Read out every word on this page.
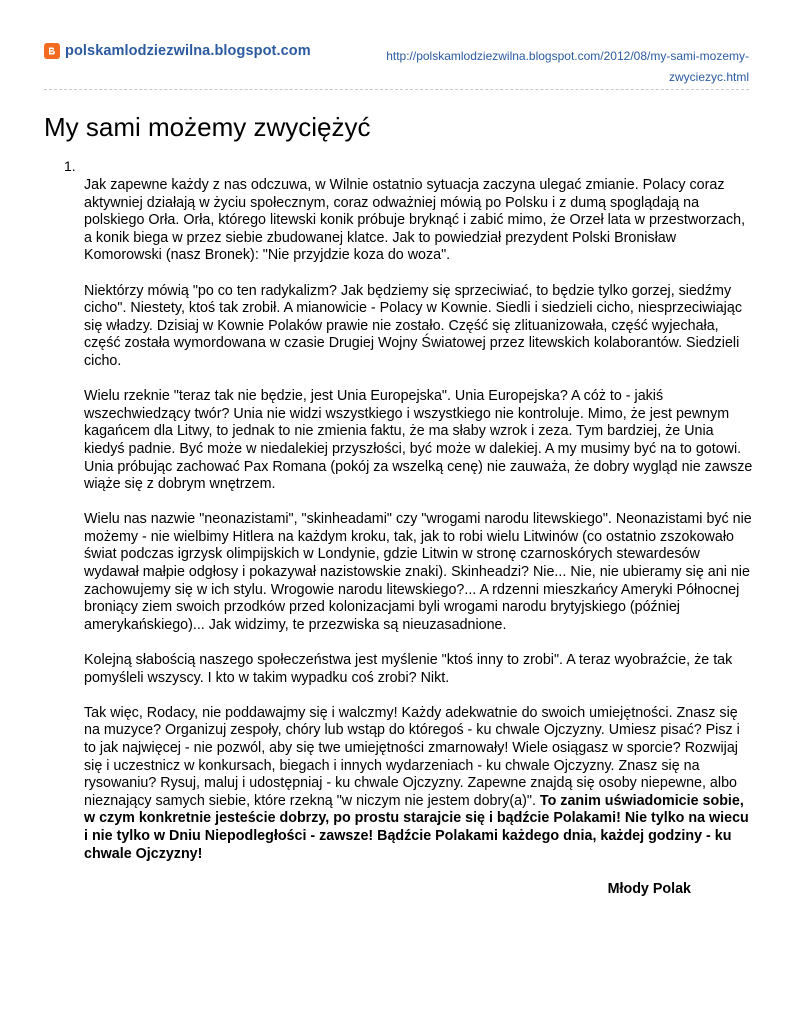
polskamlodziezwilna.blogspot.com	http://polskamlodziezwilna.blogspot.com/2012/08/my-sami-mozemy-zwyciezyc.html
My sami możemy zwyciężyć
1.

Jak zapewne każdy z nas odczuwa, w Wilnie ostatnio sytuacja zaczyna ulegać zmianie. Polacy coraz aktywniej działają w życiu społecznym, coraz odważniej mówią po Polsku i z dumą spoglądają na polskiego Orła. Orła, którego litewski konik próbuje bryknąć i zabić mimo, że Orzeł lata w przestworzach, a konik biega w przez siebie zbudowanej klatce. Jak to powiedział prezydent Polski Bronisław Komorowski (nasz Bronek): "Nie przyjdzie koza do woza".

Niektórzy mówią "po co ten radykalizm? Jak będziemy się sprzeciwiać, to będzie tylko gorzej, siedźmy cicho". Niestety, ktoś tak zrobił. A mianowicie - Polacy w Kownie. Siedli i siedzieli cicho, niesprzeciwiając się władzy. Dzisiaj w Kownie Polaków prawie nie zostało. Część się zlituanizowała, część wyjechała, część została wymordowana w czasie Drugiej Wojny Światowej przez litewskich kolaborantów. Siedzieli cicho.

Wielu rzeknie "teraz tak nie będzie, jest Unia Europejska". Unia Europejska? A cóż to - jakiś wszechwiedzący twór? Unia nie widzi wszystkiego i wszystkiego nie kontroluje. Mimo, że jest pewnym kagańcem dla Litwy, to jednak to nie zmienia faktu, że ma słaby wzrok i zeza. Tym bardziej, że Unia kiedyś padnie. Być może w niedalekiej przyszłości, być może w dalekiej. A my musimy być na to gotowi. Unia próbując zachować Pax Romana (pokój za wszelką cenę) nie zauważa, że dobry wygląd nie zawsze wiąże się z dobrym wnętrzem.

Wielu nas nazwie "neonazistami", "skinheadami" czy "wrogami narodu litewskiego". Neonazistami być nie możemy - nie wielbimy Hitlera na każdym kroku, tak, jak to robi wielu Litwinów (co ostatnio zszokowało świat podczas igrzysk olimpijskich w Londynie, gdzie Litwin w stronę czarnoskórych stewardesów wydawał małpie odgłosy i pokazywał nazistowskie znaki). Skinheadzi? Nie... Nie, nie ubieramy się ani nie zachowujemy się w ich stylu. Wrogowie narodu litewskiego?... A rdzenni mieszkańcy Ameryki Północnej broniący ziem swoich przodków przed kolonizacjami byli wrogami narodu brytyjskiego (później amerykańskiego)... Jak widzimy, te przezwiska są nieuzasadnione.

Kolejną słabością naszego społeczeństwa jest myślenie "ktoś inny to zrobi". A teraz wyobraźcie, że tak pomyśleli wszyscy. I kto w takim wypadku coś zrobi? Nikt.

Tak więc, Rodacy, nie poddawajmy się i walczmy! Każdy adekwatnie do swoich umiejętności. Znasz się na muzyce? Organizuj zespoły, chóry lub wstąp do któregoś - ku chwale Ojczyzny. Umiesz pisać? Pisz i to jak najwięcej - nie pozwól, aby się twe umiejętności zmarnowały! Wiele osiągasz w sporcie? Rozwijaj się i uczestnicz w konkursach, biegach i innych wydarzeniach - ku chwale Ojczyzny. Znasz się na rysowaniu? Rysuj, maluj i udostępniaj - ku chwale Ojczyzny. Zapewne znajdą się osoby niepewne, albo nieznający samych siebie, które rzekną "w niczym nie jestem dobry(a)". To zanim uświadomicie sobie, w czym konkretnie jesteście dobrzy, po prostu starajcie się i bądźcie Polakami! Nie tylko na wiecu i nie tylko w Dniu Niepodległości - zawsze! Bądźcie Polakami każdego dnia, każdej godziny - ku chwale Ojczyzny!

Młody Polak
